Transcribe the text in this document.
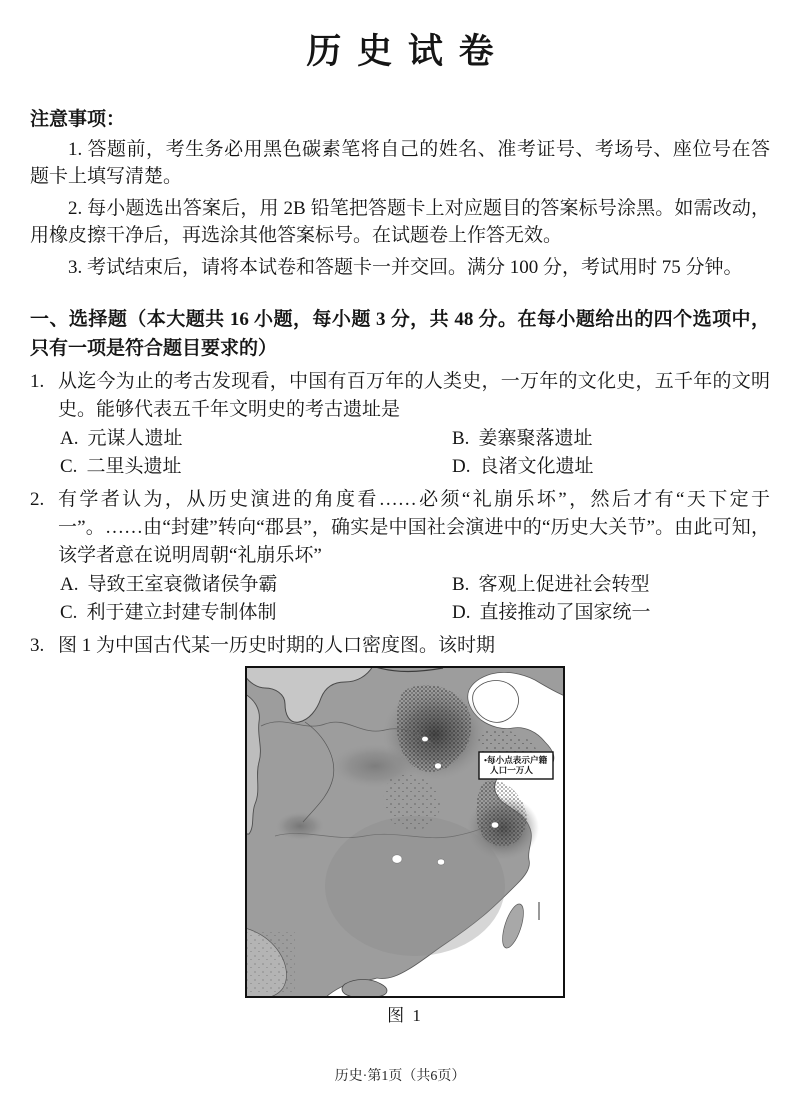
历史试卷
注意事项：

1. 答题前，考生务必用黑色碳素笔将自己的姓名、准考证号、考场号、座位号在答题卡上填写清楚。

2. 每小题选出答案后，用 2B 铅笔把答题卡上对应题目的答案标号涂黑。如需改动，用橡皮擦干净后，再选涂其他答案标号。在试题卷上作答无效。

3. 考试结束后，请将本试卷和答题卡一并交回。满分 100 分，考试用时 75 分钟。

一、选择题（本大题共 16 小题，每小题 3 分，共 48 分。在每小题给出的四个选项中，只有一项是符合题目要求的）
1. 从迄今为止的考古发现看，中国有百万年的人类史，一万年的文化史，五千年的文明史。能够代表五千年文明史的考古遗址是
A. 元谋人遗址	B. 姜寨聚落遗址
C. 二里头遗址	D. 良渚文化遗址
2. 有学者认为，从历史演进的角度看……必须“礼崩乐坏”，然后才有“天下定于一”。……由“封建”转向“郡县”，确实是中国社会演进中的“历史大关节”。由此可知，该学者意在说明周朝“礼崩乐坏”
A. 导致王室衰微诸侯争霸	B. 客观上促进社会转型
C. 利于建立封建专制体制	D. 直接推动了国家统一
3. 图 1 为中国古代某一历史时期的人口密度图。该时期
•每小点表示户籍
人口一万人
图 1
历史·第1页（共6页）
